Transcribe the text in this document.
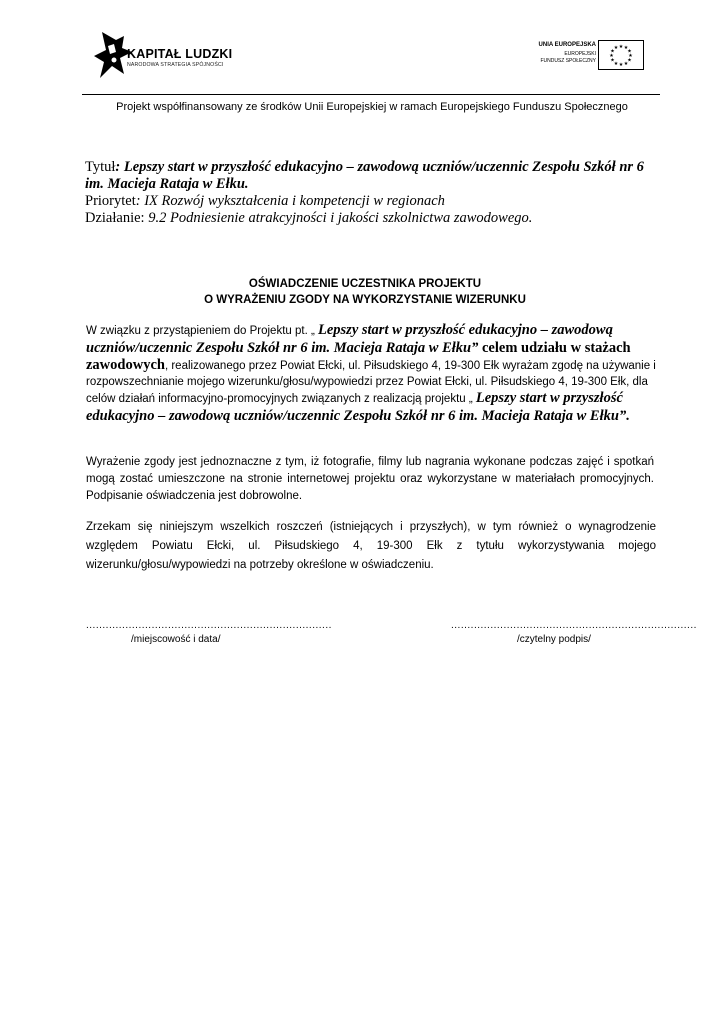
KAPITAŁ LUDZKI
NARODOWA STRATEGIA SPÓJNOŚCI
UNIA EUROPEJSKA
EUROPEJSKI
FUNDUSZ SPOŁECZNY
★ ★
★
★
★
★
★
★
★
★
★
★
Projekt współfinansowany ze środków Unii Europejskiej w ramach Europejskiego Funduszu Społecznego
Tytuł: Lepszy start w przyszłość edukacyjno – zawodową uczniów/uczennic Zespołu Szkół nr 6 im. Macieja Rataja w Ełku.
Priorytet: IX Rozwój wykształcenia i kompetencji w regionach
Działanie: 9.2 Podniesienie atrakcyjności i jakości szkolnictwa zawodowego.
OŚWIADCZENIE UCZESTNIKA PROJEKTU
O WYRAŻENIU ZGODY NA WYKORZYSTANIE WIZERUNKU
W związku z przystąpieniem do Projektu pt. „ Lepszy start w przyszłość edukacyjno – zawodową uczniów/uczennic Zespołu Szkół nr 6 im. Macieja Rataja w Ełku” celem udziału w stażach zawodowych, realizowanego przez Powiat Ełcki, ul. Piłsudskiego 4, 19-300 Ełk wyrażam zgodę na używanie i rozpowszechnianie mojego wizerunku/głosu/wypowiedzi przez Powiat Ełcki, ul. Piłsudskiego 4, 19-300 Ełk, dla celów działań informacyjno-promocyjnych związanych z realizacją projektu „ Lepszy start w przyszłość edukacyjno – zawodową uczniów/uczennic Zespołu Szkół nr 6 im. Macieja Rataja w Ełku”.
Wyrażenie zgody jest jednoznaczne z tym, iż fotografie, filmy lub nagrania wykonane podczas zajęć i spotkań mogą zostać umieszczone na stronie internetowej projektu oraz wykorzystane w materiałach promocyjnych. Podpisanie oświadczenia jest dobrowolne.
Zrzekam się niniejszym wszelkich roszczeń (istniejących i przyszłych), w tym również o wynagrodzenie względem Powiatu Ełcki, ul. Piłsudskiego 4, 19-300 Ełk z tytułu wykorzystywania mojego wizerunku/głosu/wypowiedzi na potrzeby określone w oświadczeniu.
...........................................................................	...........................................................................
/miejscowość i data/	/czytelny podpis/
